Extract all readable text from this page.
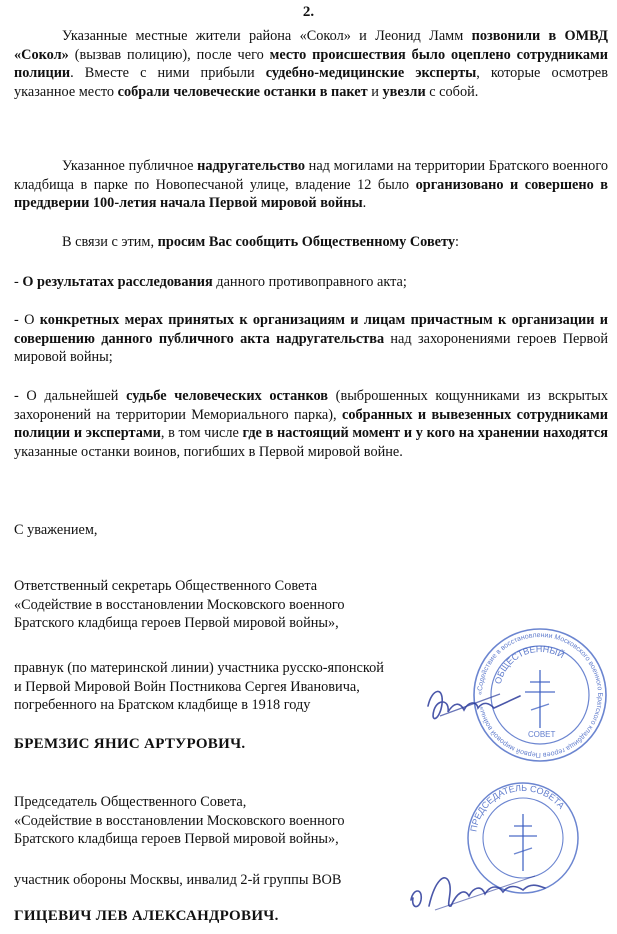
2.

Указанные местные жители района «Сокол» и Леонид Ламм позвонили в ОМВД «Сокол» (вызвав полицию), после чего место происшествия было оцеплено сотрудниками полиции. Вместе с ними прибыли судебно-медицинские эксперты, которые осмотрев указанное место собрали человеческие останки в пакет и увезли с собой.

Указанное публичное надругательство над могилами на территории Братского военного кладбища в парке по Новопесчаной улице, владение 12 было организовано и совершено в преддверии 100-летия начала Первой мировой войны.

В связи с этим, просим Вас сообщить Общественному Совету:

- О результатах расследования данного противоправного акта;

- О конкретных мерах принятых к организациям и лицам причастным к организации и совершению данного публичного акта надругательства над захоронениями героев Первой мировой войны;

- О дальнейшей судьбе человеческих останков (выброшенных кощунниками из вскрытых захоронений на территории Мемориального парка), собранных и вывезенных сотрудниками полиции и экспертами, в том числе где в настоящий момент и у кого на хранении находятся указанные останки воинов, погибших в Первой мировой войне.

С уважением,
Ответственный секретарь Общественного Совета
«Содействие в восстановлении Московского военного
Братского кладбища героев Первой мировой войны»,
правнук (по материнской линии) участника русско-японской
и Первой Мировой Войн Постникова Сергея Ивановича,
погребенного на Братском кладбище в 1918 году
БРЕМЗИС ЯНИС АРТУРОВИЧ.
Председатель Общественного Совета,
«Содействие в восстановлении Московского военного
Братского кладбища героев Первой мировой войны»,
участник обороны Москвы, инвалид 2-й группы ВОВ
ГИЦЕВИЧ ЛЕВ АЛЕКСАНДРОВИЧ.
«Содействие в восстановлении Московского военного Братского кладбища героев Первой мировой войны»
ОБЩЕСТВЕННЫЙ
СОВЕТ
ПРЕДСЕДАТЕЛЬ СОВЕТА
